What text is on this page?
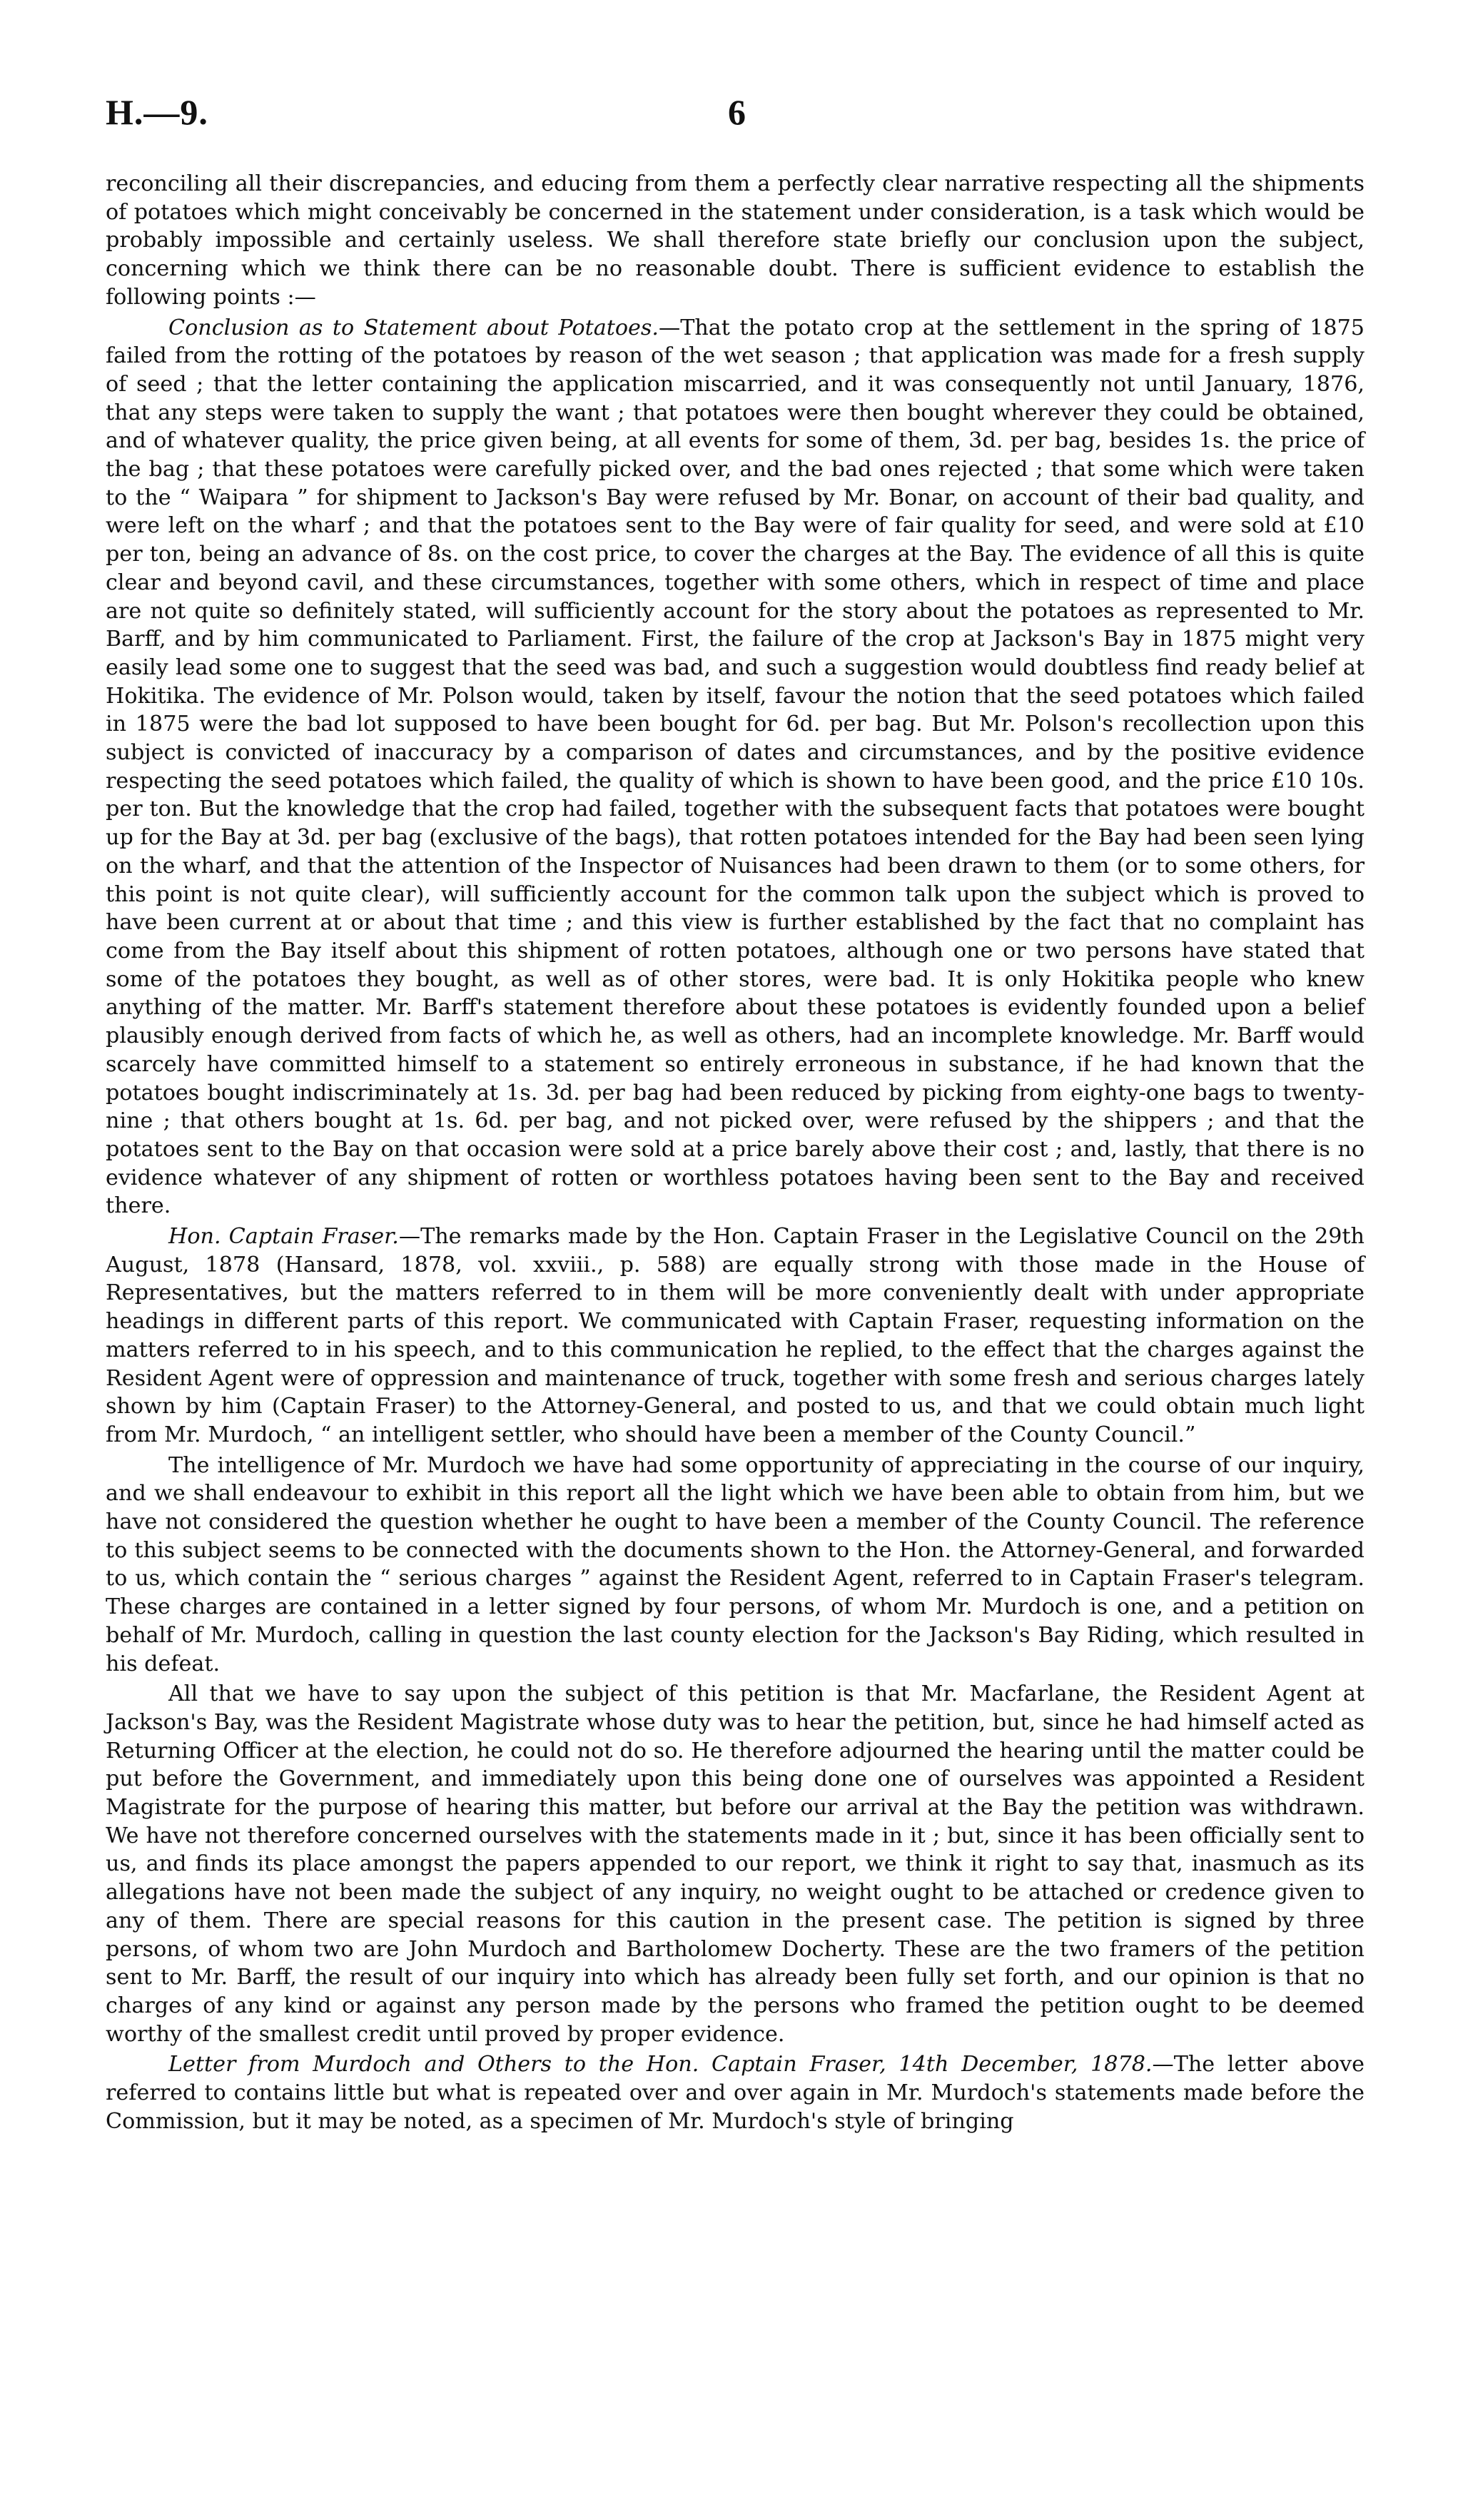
H.—9.	6

reconciling all their discrepancies, and educing from them a perfectly clear narrative respecting all the shipments of potatoes which might conceivably be concerned in the statement under consideration, is a task which would be probably impossible and certainly useless. We shall therefore state briefly our conclusion upon the subject, concerning which we think there can be no reasonable doubt. There is sufficient evidence to establish the following points :—

Conclusion as to Statement about Potatoes.—That the potato crop at the settlement in the spring of 1875 failed from the rotting of the potatoes by reason of the wet season ; that application was made for a fresh supply of seed ; that the letter containing the application miscarried, and it was consequently not until January, 1876, that any steps were taken to supply the want ; that potatoes were then bought wherever they could be obtained, and of whatever quality, the price given being, at all events for some of them, 3d. per bag, besides 1s. the price of the bag ; that these potatoes were carefully picked over, and the bad ones rejected ; that some which were taken to the “ Waipara ” for shipment to Jackson's Bay were refused by Mr. Bonar, on account of their bad quality, and were left on the wharf ; and that the potatoes sent to the Bay were of fair quality for seed, and were sold at £10 per ton, being an advance of 8s. on the cost price, to cover the charges at the Bay. The evidence of all this is quite clear and beyond cavil, and these circumstances, together with some others, which in respect of time and place are not quite so definitely stated, will sufficiently account for the story about the potatoes as represented to Mr. Barff, and by him communicated to Parliament. First, the failure of the crop at Jackson's Bay in 1875 might very easily lead some one to suggest that the seed was bad, and such a suggestion would doubtless find ready belief at Hokitika. The evidence of Mr. Polson would, taken by itself, favour the notion that the seed potatoes which failed in 1875 were the bad lot supposed to have been bought for 6d. per bag. But Mr. Polson's recollection upon this subject is convicted of inaccuracy by a comparison of dates and circumstances, and by the positive evidence respecting the seed potatoes which failed, the quality of which is shown to have been good, and the price £10 10s. per ton. But the knowledge that the crop had failed, together with the subsequent facts that potatoes were bought up for the Bay at 3d. per bag (exclusive of the bags), that rotten potatoes intended for the Bay had been seen lying on the wharf, and that the attention of the Inspector of Nuisances had been drawn to them (or to some others, for this point is not quite clear), will sufficiently account for the common talk upon the subject which is proved to have been current at or about that time ; and this view is further established by the fact that no complaint has come from the Bay itself about this shipment of rotten potatoes, although one or two persons have stated that some of the potatoes they bought, as well as of other stores, were bad. It is only Hokitika people who knew anything of the matter. Mr. Barff's statement therefore about these potatoes is evidently founded upon a belief plausibly enough derived from facts of which he, as well as others, had an incomplete knowledge. Mr. Barff would scarcely have committed himself to a statement so entirely erroneous in substance, if he had known that the potatoes bought indiscriminately at 1s. 3d. per bag had been reduced by picking from eighty-one bags to twenty-nine ; that others bought at 1s. 6d. per bag, and not picked over, were refused by the shippers ; and that the potatoes sent to the Bay on that occasion were sold at a price barely above their cost ; and, lastly, that there is no evidence whatever of any shipment of rotten or worthless potatoes having been sent to the Bay and received there.

Hon. Captain Fraser.—The remarks made by the Hon. Captain Fraser in the Legislative Council on the 29th August, 1878 (Hansard, 1878, vol. xxviii., p. 588) are equally strong with those made in the House of Representatives, but the matters referred to in them will be more conveniently dealt with under appropriate headings in different parts of this report. We communicated with Captain Fraser, requesting information on the matters referred to in his speech, and to this communication he replied, to the effect that the charges against the Resident Agent were of oppression and maintenance of truck, together with some fresh and serious charges lately shown by him (Captain Fraser) to the Attorney-General, and posted to us, and that we could obtain much light from Mr. Murdoch, “ an intelligent settler, who should have been a member of the County Council.”

The intelligence of Mr. Murdoch we have had some opportunity of appreciating in the course of our inquiry, and we shall endeavour to exhibit in this report all the light which we have been able to obtain from him, but we have not considered the question whether he ought to have been a member of the County Council. The reference to this subject seems to be connected with the documents shown to the Hon. the Attorney-General, and forwarded to us, which contain the “ serious charges ” against the Resident Agent, referred to in Captain Fraser's telegram. These charges are contained in a letter signed by four persons, of whom Mr. Murdoch is one, and a petition on behalf of Mr. Murdoch, calling in question the last county election for the Jackson's Bay Riding, which resulted in his defeat.

All that we have to say upon the subject of this petition is that Mr. Macfarlane, the Resident Agent at Jackson's Bay, was the Resident Magistrate whose duty was to hear the petition, but, since he had himself acted as Returning Officer at the election, he could not do so. He therefore adjourned the hearing until the matter could be put before the Government, and immediately upon this being done one of ourselves was appointed a Resident Magistrate for the purpose of hearing this matter, but before our arrival at the Bay the petition was withdrawn. We have not therefore concerned ourselves with the statements made in it ; but, since it has been officially sent to us, and finds its place amongst the papers appended to our report, we think it right to say that, inasmuch as its allegations have not been made the subject of any inquiry, no weight ought to be attached or credence given to any of them. There are special reasons for this caution in the present case. The petition is signed by three persons, of whom two are John Murdoch and Bartholomew Docherty. These are the two framers of the petition sent to Mr. Barff, the result of our inquiry into which has already been fully set forth, and our opinion is that no charges of any kind or against any person made by the persons who framed the petition ought to be deemed worthy of the smallest credit until proved by proper evidence.

Letter from Murdoch and Others to the Hon. Captain Fraser, 14th December, 1878.—The letter above referred to contains little but what is repeated over and over again in Mr. Murdoch's statements made before the Commission, but it may be noted, as a specimen of Mr. Murdoch's style of bringing
